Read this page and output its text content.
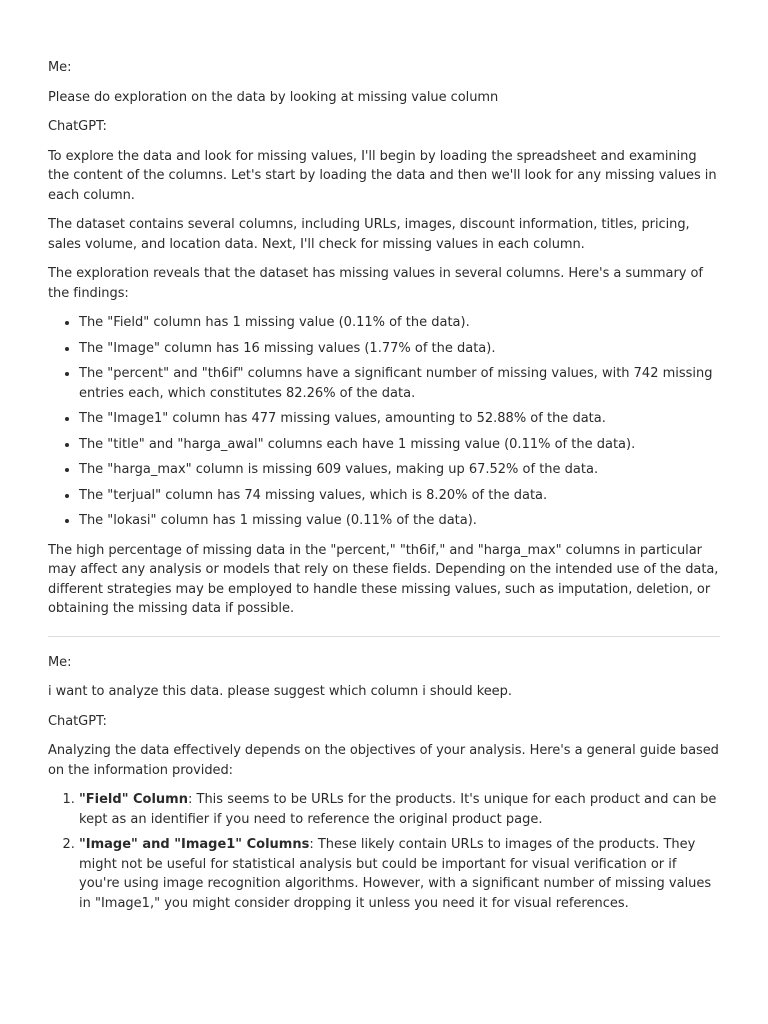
Me:

Please do exploration on the data by looking at missing value column

ChatGPT:

To explore the data and look for missing values, I'll begin by loading the spreadsheet and examining the content of the columns. Let's start by loading the data and then we'll look for any missing values in each column.

The dataset contains several columns, including URLs, images, discount information, titles, pricing, sales volume, and location data. Next, I'll check for missing values in each column.

The exploration reveals that the dataset has missing values in several columns. Here's a summary of the findings:

• The "Field" column has 1 missing value (0.11% of the data).
• The "Image" column has 16 missing values (1.77% of the data).
• The "percent" and "th6if" columns have a significant number of missing values, with 742 missing entries each, which constitutes 82.26% of the data.
• The "Image1" column has 477 missing values, amounting to 52.88% of the data.
• The "title" and "harga_awal" columns each have 1 missing value (0.11% of the data).
• The "harga_max" column is missing 609 values, making up 67.52% of the data.
• The "terjual" column has 74 missing values, which is 8.20% of the data.
• The "lokasi" column has 1 missing value (0.11% of the data).

The high percentage of missing data in the "percent," "th6if," and "harga_max" columns in particular may affect any analysis or models that rely on these fields. Depending on the intended use of the data, different strategies may be employed to handle these missing values, such as imputation, deletion, or obtaining the missing data if possible.

Me:

i want to analyze this data. please suggest which column i should keep.

ChatGPT:

Analyzing the data effectively depends on the objectives of your analysis. Here's a general guide based on the information provided:

1. "Field" Column: This seems to be URLs for the products. It's unique for each product and can be kept as an identifier if you need to reference the original product page.
2. "Image" and "Image1" Columns: These likely contain URLs to images of the products. They might not be useful for statistical analysis but could be important for visual verification or if you're using image recognition algorithms. However, with a significant number of missing values in "Image1," you might consider dropping it unless you need it for visual references.
